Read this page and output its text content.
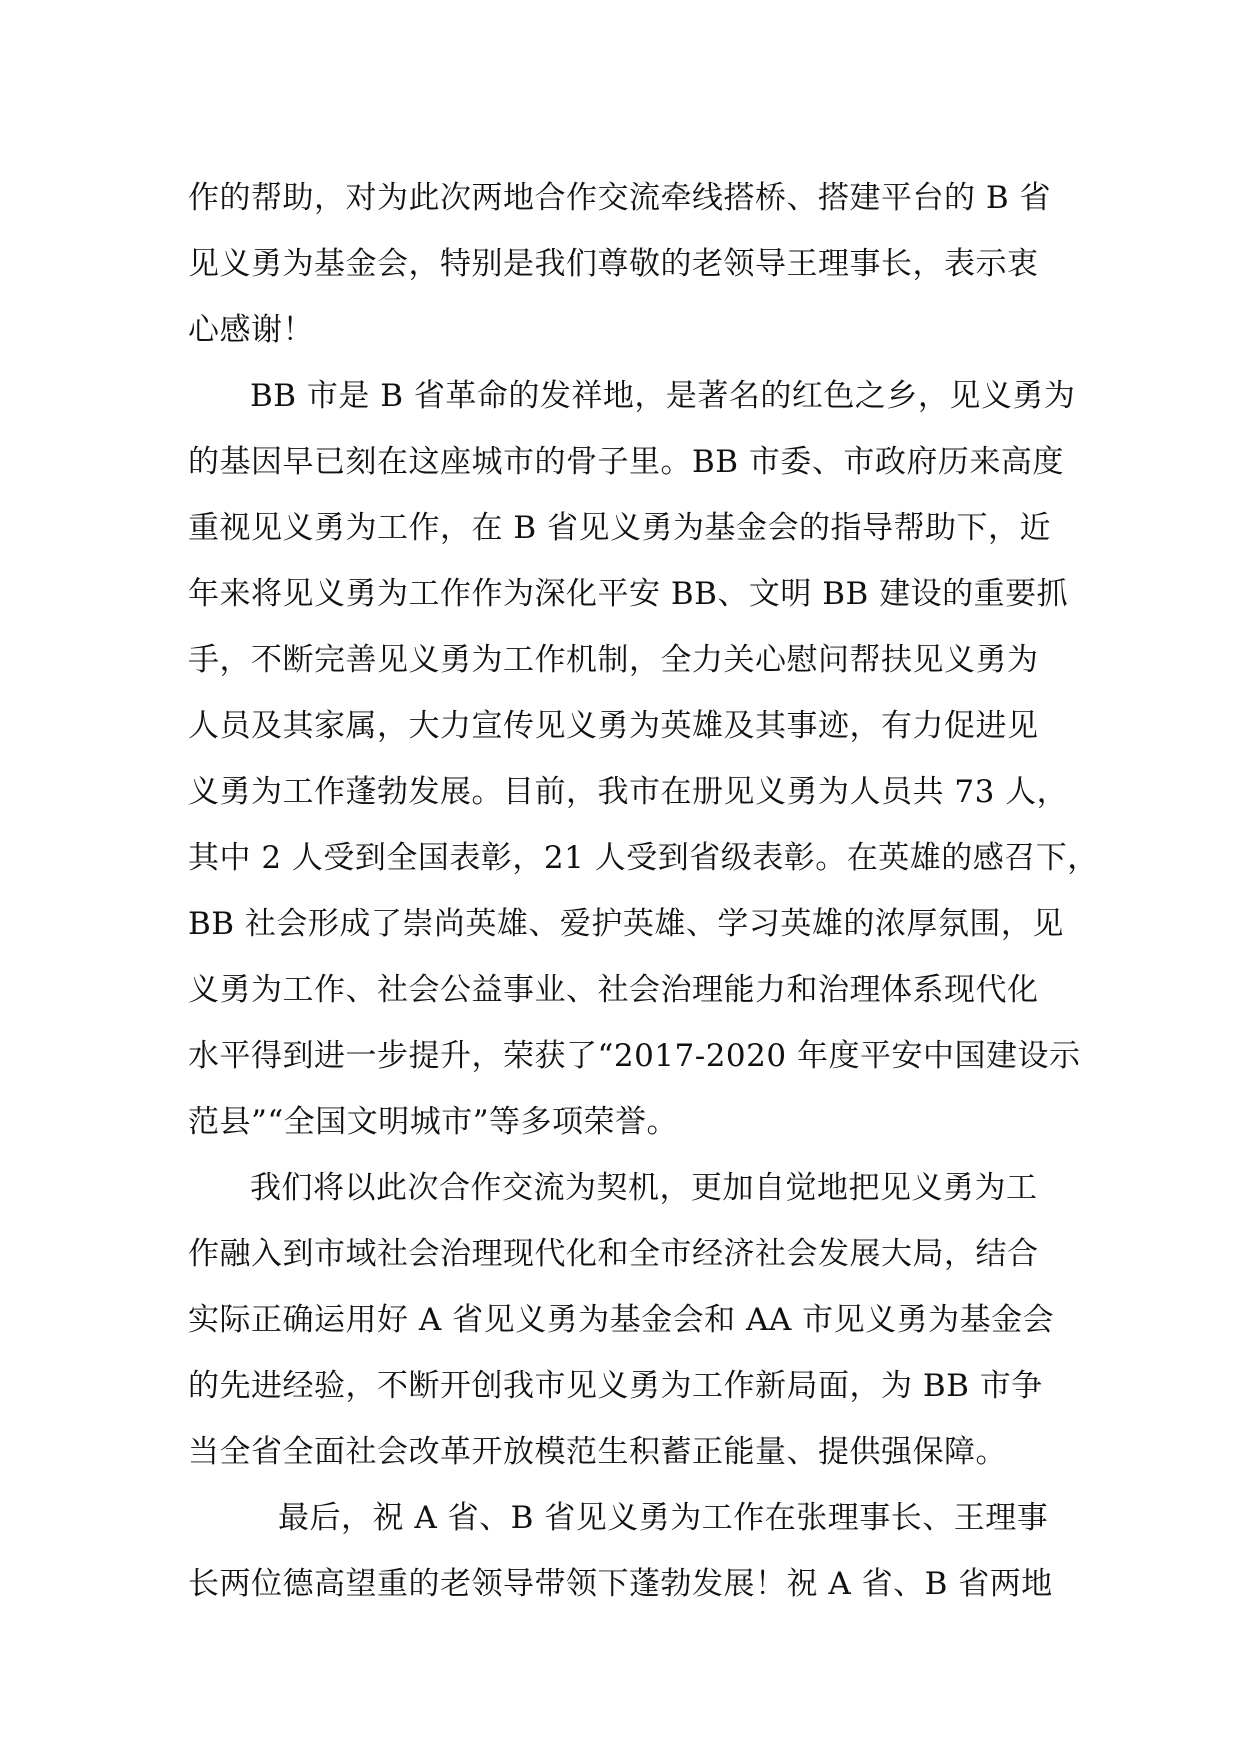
作的帮助，对为此次两地合作交流牵线搭桥、搭建平台的 B 省
见义勇为基金会，特别是我们尊敬的老领导王理事长，表示衷
心感谢！
BB 市是 B 省革命的发祥地，是著名的红色之乡，见义勇为
的基因早已刻在这座城市的骨子里。BB 市委、市政府历来高度
重视见义勇为工作，在 B 省见义勇为基金会的指导帮助下，近
年来将见义勇为工作作为深化平安 BB、文明 BB 建设的重要抓
手，不断完善见义勇为工作机制，全力关心慰问帮扶见义勇为
人员及其家属，大力宣传见义勇为英雄及其事迹，有力促进见
义勇为工作蓬勃发展。目前，我市在册见义勇为人员共 73 人，
其中 2 人受到全国表彰，21 人受到省级表彰。在英雄的感召下，
BB 社会形成了崇尚英雄、爱护英雄、学习英雄的浓厚氛围，见
义勇为工作、社会公益事业、社会治理能力和治理体系现代化
水平得到进一步提升，荣获了“2017-2020 年度平安中国建设示
范县”“全国文明城市”等多项荣誉。
我们将以此次合作交流为契机，更加自觉地把见义勇为工
作融入到市域社会治理现代化和全市经济社会发展大局，结合
实际正确运用好 A 省见义勇为基金会和 AA 市见义勇为基金会
的先进经验，不断开创我市见义勇为工作新局面，为 BB 市争
当全省全面社会改革开放模范生积蓄正能量、提供强保障。
最后，祝 A 省、B 省见义勇为工作在张理事长、王理事
长两位德高望重的老领导带领下蓬勃发展！祝 A 省、B 省两地
